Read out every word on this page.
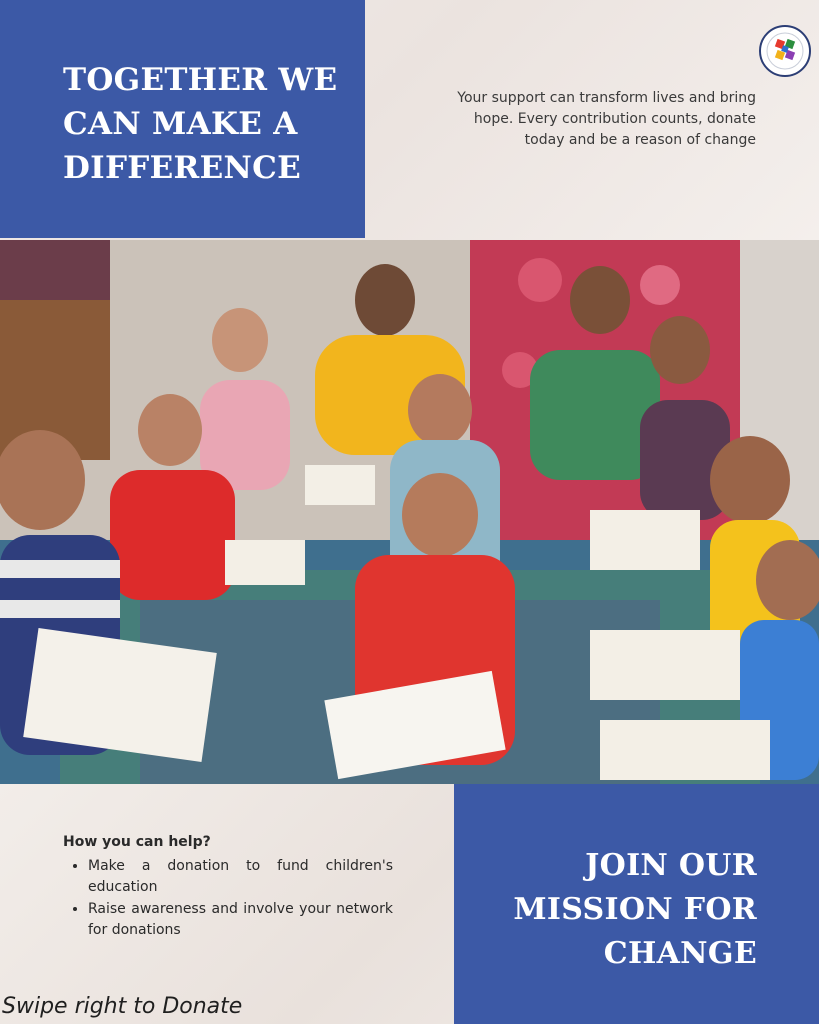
TOGETHER WE CAN MAKE A DIFFERENCE
Your support can transform lives and bring hope. Every contribution counts, donate today and be a reason of change
JOIN OUR MISSION FOR CHANGE
How you can help?
• Make a donation to fund children's education
• Raise awareness and involve your network for donations
Swipe right to Donate
